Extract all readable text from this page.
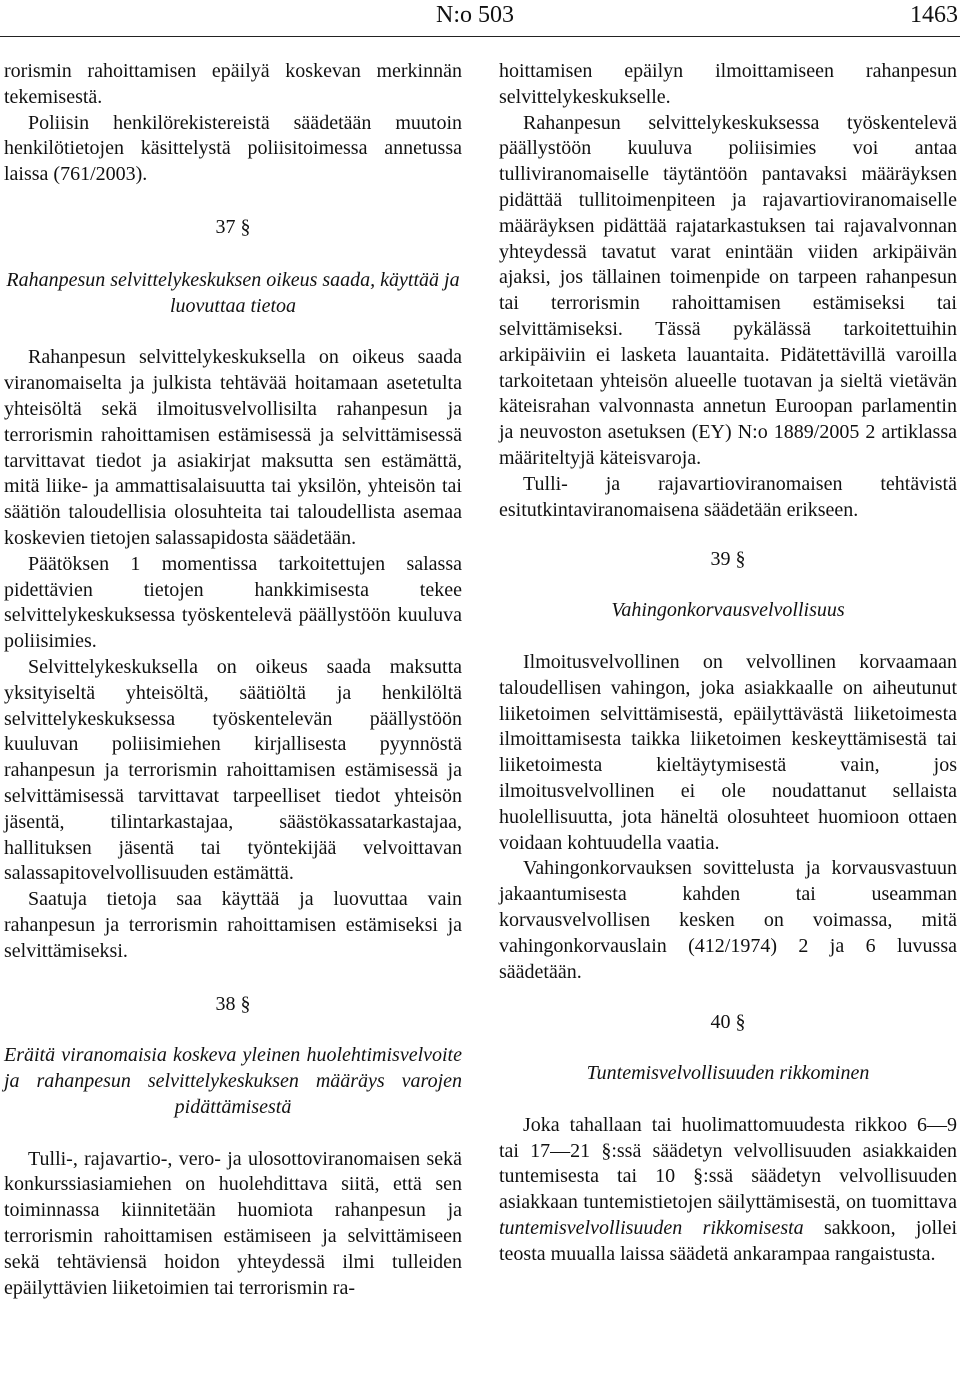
N:o 503	1463

rorismin rahoittamisen epäilyä koskevan merkinnän tekemisestä.

Poliisin henkilörekistereistä säädetään muutoin henkilötietojen käsittelystä poliisitoimessa annetussa laissa (761/2003).

37 §
Rahanpesun selvittelykeskuksen oikeus saada, käyttää ja luovuttaa tietoa

Rahanpesun selvittelykeskuksella on oikeus saada viranomaiselta ja julkista tehtävää hoitamaan asetetulta yhteisöltä sekä ilmoitusvelvollisilta rahanpesun ja terrorismin rahoittamisen estämisessä ja selvittämisessä tarvittavat tiedot ja asiakirjat maksutta sen estämättä, mitä liike- ja ammattisalaisuutta tai yksilön, yhteisön tai säätiön taloudellisia olosuhteita tai taloudellista asemaa koskevien tietojen salassapidosta säädetään.

Päätöksen 1 momentissa tarkoitettujen salassa pidettävien tietojen hankkimisesta tekee selvittelykeskuksessa työskentelevä päällystöön kuuluva poliisimies.

Selvittelykeskuksella on oikeus saada maksutta yksityiseltä yhteisöltä, säätiöltä ja henkilöltä selvittelykeskuksessa työskentelevän päällystöön kuuluvan poliisimiehen kirjallisesta pyynnöstä rahanpesun ja terrorismin rahoittamisen estämisessä ja selvittämisessä tarvittavat tarpeelliset tiedot yhteisön jäsentä, tilintarkastajaa, säästökassatarkastajaa, hallituksen jäsentä tai työntekijää velvoittavan salassapitovelvollisuuden estämättä.

Saatuja tietoja saa käyttää ja luovuttaa vain rahanpesun ja terrorismin rahoittamisen estämiseksi ja selvittämiseksi.

38 §
Eräitä viranomaisia koskeva yleinen huolehtimisvelvoite ja rahanpesun selvittelykeskuksen määräys varojen pidättämisestä

Tulli-, rajavartio-, vero- ja ulosottoviranomaisen sekä konkurssiasiamiehen on huolehdittava siitä, että sen toiminnassa kiinnitetään huomiota rahanpesun ja terrorismin rahoittamisen estämiseen ja selvittämiseen sekä tehtäviensä hoidon yhteydessä ilmi tulleiden epäilyttävien liiketoimien tai terrorismin ra-

hoittamisen epäilyn ilmoittamiseen rahanpesun selvittelykeskukselle.

Rahanpesun selvittelykeskuksessa työskentelevä päällystöön kuuluva poliisimies voi antaa tulliviranomaiselle täytäntöön pantavaksi määräyksen pidättää tullitoimenpiteen ja rajavartioviranomaiselle määräyksen pidättää rajatarkastuksen tai rajavalvonnan yhteydessä tavatut varat enintään viiden arkipäivän ajaksi, jos tällainen toimenpide on tarpeen rahanpesun tai terrorismin rahoittamisen estämiseksi tai selvittämiseksi. Tässä pykälässä tarkoitettuihin arkipäiviin ei lasketa lauantaita. Pidätettävillä varoilla tarkoitetaan yhteisön alueelle tuotavan ja sieltä vietävän käteisrahan valvonnasta annetun Euroopan parlamentin ja neuvoston asetuksen (EY) N:o 1889/2005 2 artiklassa määriteltyjä käteisvaroja.

Tulli- ja rajavartioviranomaisen tehtävistä esitutkintaviranomaisena säädetään erikseen.

39 §
Vahingonkorvausvelvollisuus

Ilmoitusvelvollinen on velvollinen korvaamaan taloudellisen vahingon, joka asiakkaalle on aiheutunut liiketoimen selvittämisestä, epäilyttävästä liiketoimesta ilmoittamisesta taikka liiketoimen keskeyttämisestä tai liiketoimesta kieltäytymisestä vain, jos ilmoitusvelvollinen ei ole noudattanut sellaista huolellisuutta, jota häneltä olosuhteet huomioon ottaen voidaan kohtuudella vaatia.

Vahingonkorvauksen sovittelusta ja korvausvastuun jakaantumisesta kahden tai useamman korvausvelvollisen kesken on voimassa, mitä vahingonkorvauslain (412/1974) 2 ja 6 luvussa säädetään.

40 §
Tuntemisvelvollisuuden rikkominen

Joka tahallaan tai huolimattomuudesta rikkoo 6—9 tai 17—21 §:ssä säädetyn velvollisuuden asiakkaiden tuntemisesta tai 10 §:ssä säädetyn velvollisuuden asiakkaan tuntemistietojen säilyttämisestä, on tuomittava tuntemisvelvollisuuden rikkomisesta sakkoon, jollei teosta muualla laissa säädetä ankarampaa rangaistusta.
